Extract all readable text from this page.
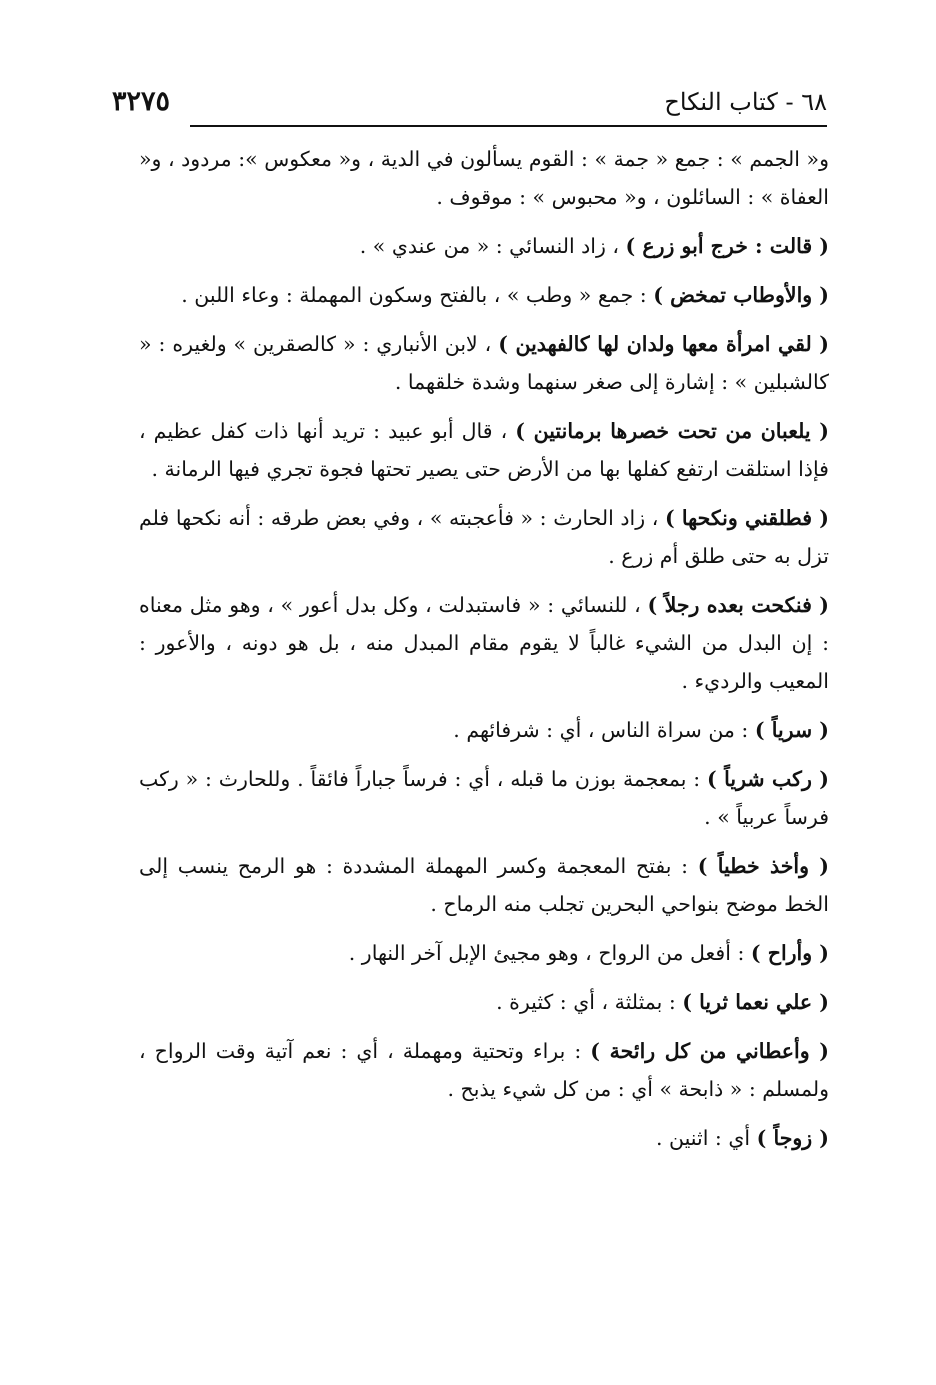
٦٨ - كتاب النكاح
٣٢٧٥

و« الجمم » : جمع « جمة » : القوم يسألون في الدية ، و« معكوس »: مردود ، و« العفاة » : السائلون ، و« محبوس » : موقوف .

( قالت : خرج أبو زرع ) ، زاد النسائي : « من عندي » .

( والأوطاب تمخض ) : جمع « وطب » ، بالفتح وسكون المهملة : وعاء اللبن .

( لقي امرأة معها ولدان لها كالفهدين ) ، لابن الأنباري : « كالصقرين » ولغيره : « كالشبلين » : إشارة إلى صغر سنهما وشدة خلقهما .

( يلعبان من تحت خصرها برمانتين ) ، قال أبو عبيد : تريد أنها ذات كفل عظيم ، فإذا استلقت ارتفع كفلها بها من الأرض حتى يصير تحتها فجوة تجري فيها الرمانة .

( فطلقني ونكحها ) ، زاد الحارث : « فأعجبته » ، وفي بعض طرقه : أنه نكحها فلم تزل به حتى طلق أم زرع .

( فنكحت بعده رجلاً ) ، للنسائي : « فاستبدلت ، وكل بدل أعور » ، وهو مثل معناه : إن البدل من الشيء غالباً لا يقوم مقام المبدل منه ، بل هو دونه ، والأعور : المعيب والرديء .

( سرياً ) : من سراة الناس ، أي : شرفائهم .

( ركب شرياً ) : بمعجمة بوزن ما قبله ، أي : فرساً جباراً فائقاً . وللحارث : « ركب فرساً عربياً » .

( وأخذ خطياً ) : بفتح المعجمة وكسر المهملة المشددة : هو الرمح ينسب إلى الخط موضح بنواحي البحرين تجلب منه الرماح .

( وأراح ) : أفعل من الرواح ، وهو مجيئ الإبل آخر النهار .

( علي نعما ثريا ) : بمثلثة ، أي : كثيرة .

( وأعطاني من كل رائحة ) : براء وتحتية ومهملة ، أي : نعم آتية وقت الرواح ، ولمسلم : « ذابحة » أي : من كل شيء يذبح .

( زوجاً ) أي : اثنين .
